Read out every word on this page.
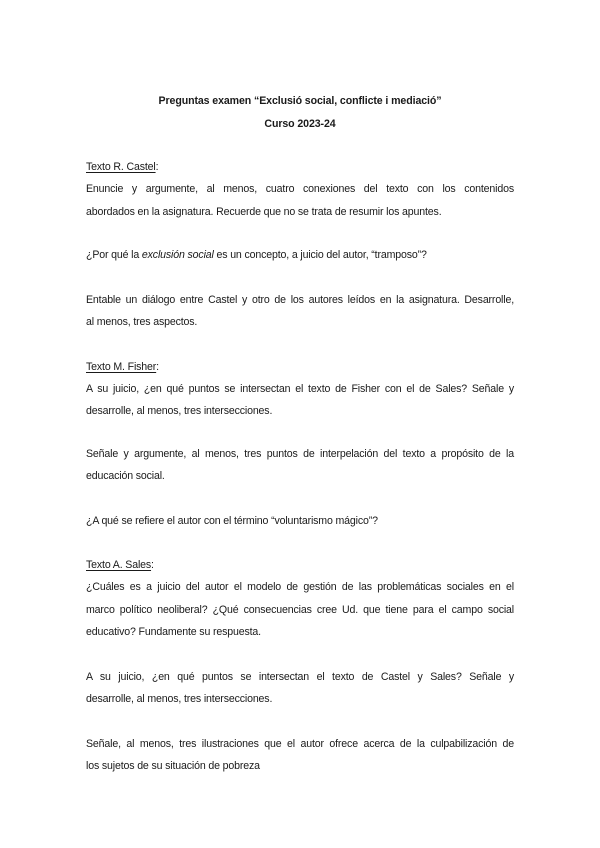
Preguntas examen “Exclusió social, conflicte i mediació”
Curso 2023-24
Texto R. Castel:
Enuncie y argumente, al menos, cuatro conexiones del texto con los contenidos
abordados en la asignatura. Recuerde que no se trata de resumir los apuntes.
¿Por qué la exclusión social es un concepto, a juicio del autor, “tramposo”?
Entable un diálogo entre Castel y otro de los autores leídos en la asignatura. Desarrolle,
al menos, tres aspectos.
Texto M. Fisher:
A su juicio, ¿en qué puntos se intersectan el texto de Fisher con el de Sales? Señale y
desarrolle, al menos, tres intersecciones.
Señale y argumente, al menos, tres puntos de interpelación del texto a propósito de la
educación social.
¿A qué se refiere el autor con el término “voluntarismo mágico”?
Texto A. Sales:
¿Cuáles es a juicio del autor el modelo de gestión de las problemáticas sociales en el
marco político neoliberal? ¿Qué consecuencias cree Ud. que tiene para el campo social
educativo? Fundamente su respuesta.
A su juicio, ¿en qué puntos se intersectan el texto de Castel y Sales? Señale y
desarrolle, al menos, tres intersecciones.
Señale, al menos, tres ilustraciones que el autor ofrece acerca de la culpabilización de
los sujetos de su situación de pobreza
